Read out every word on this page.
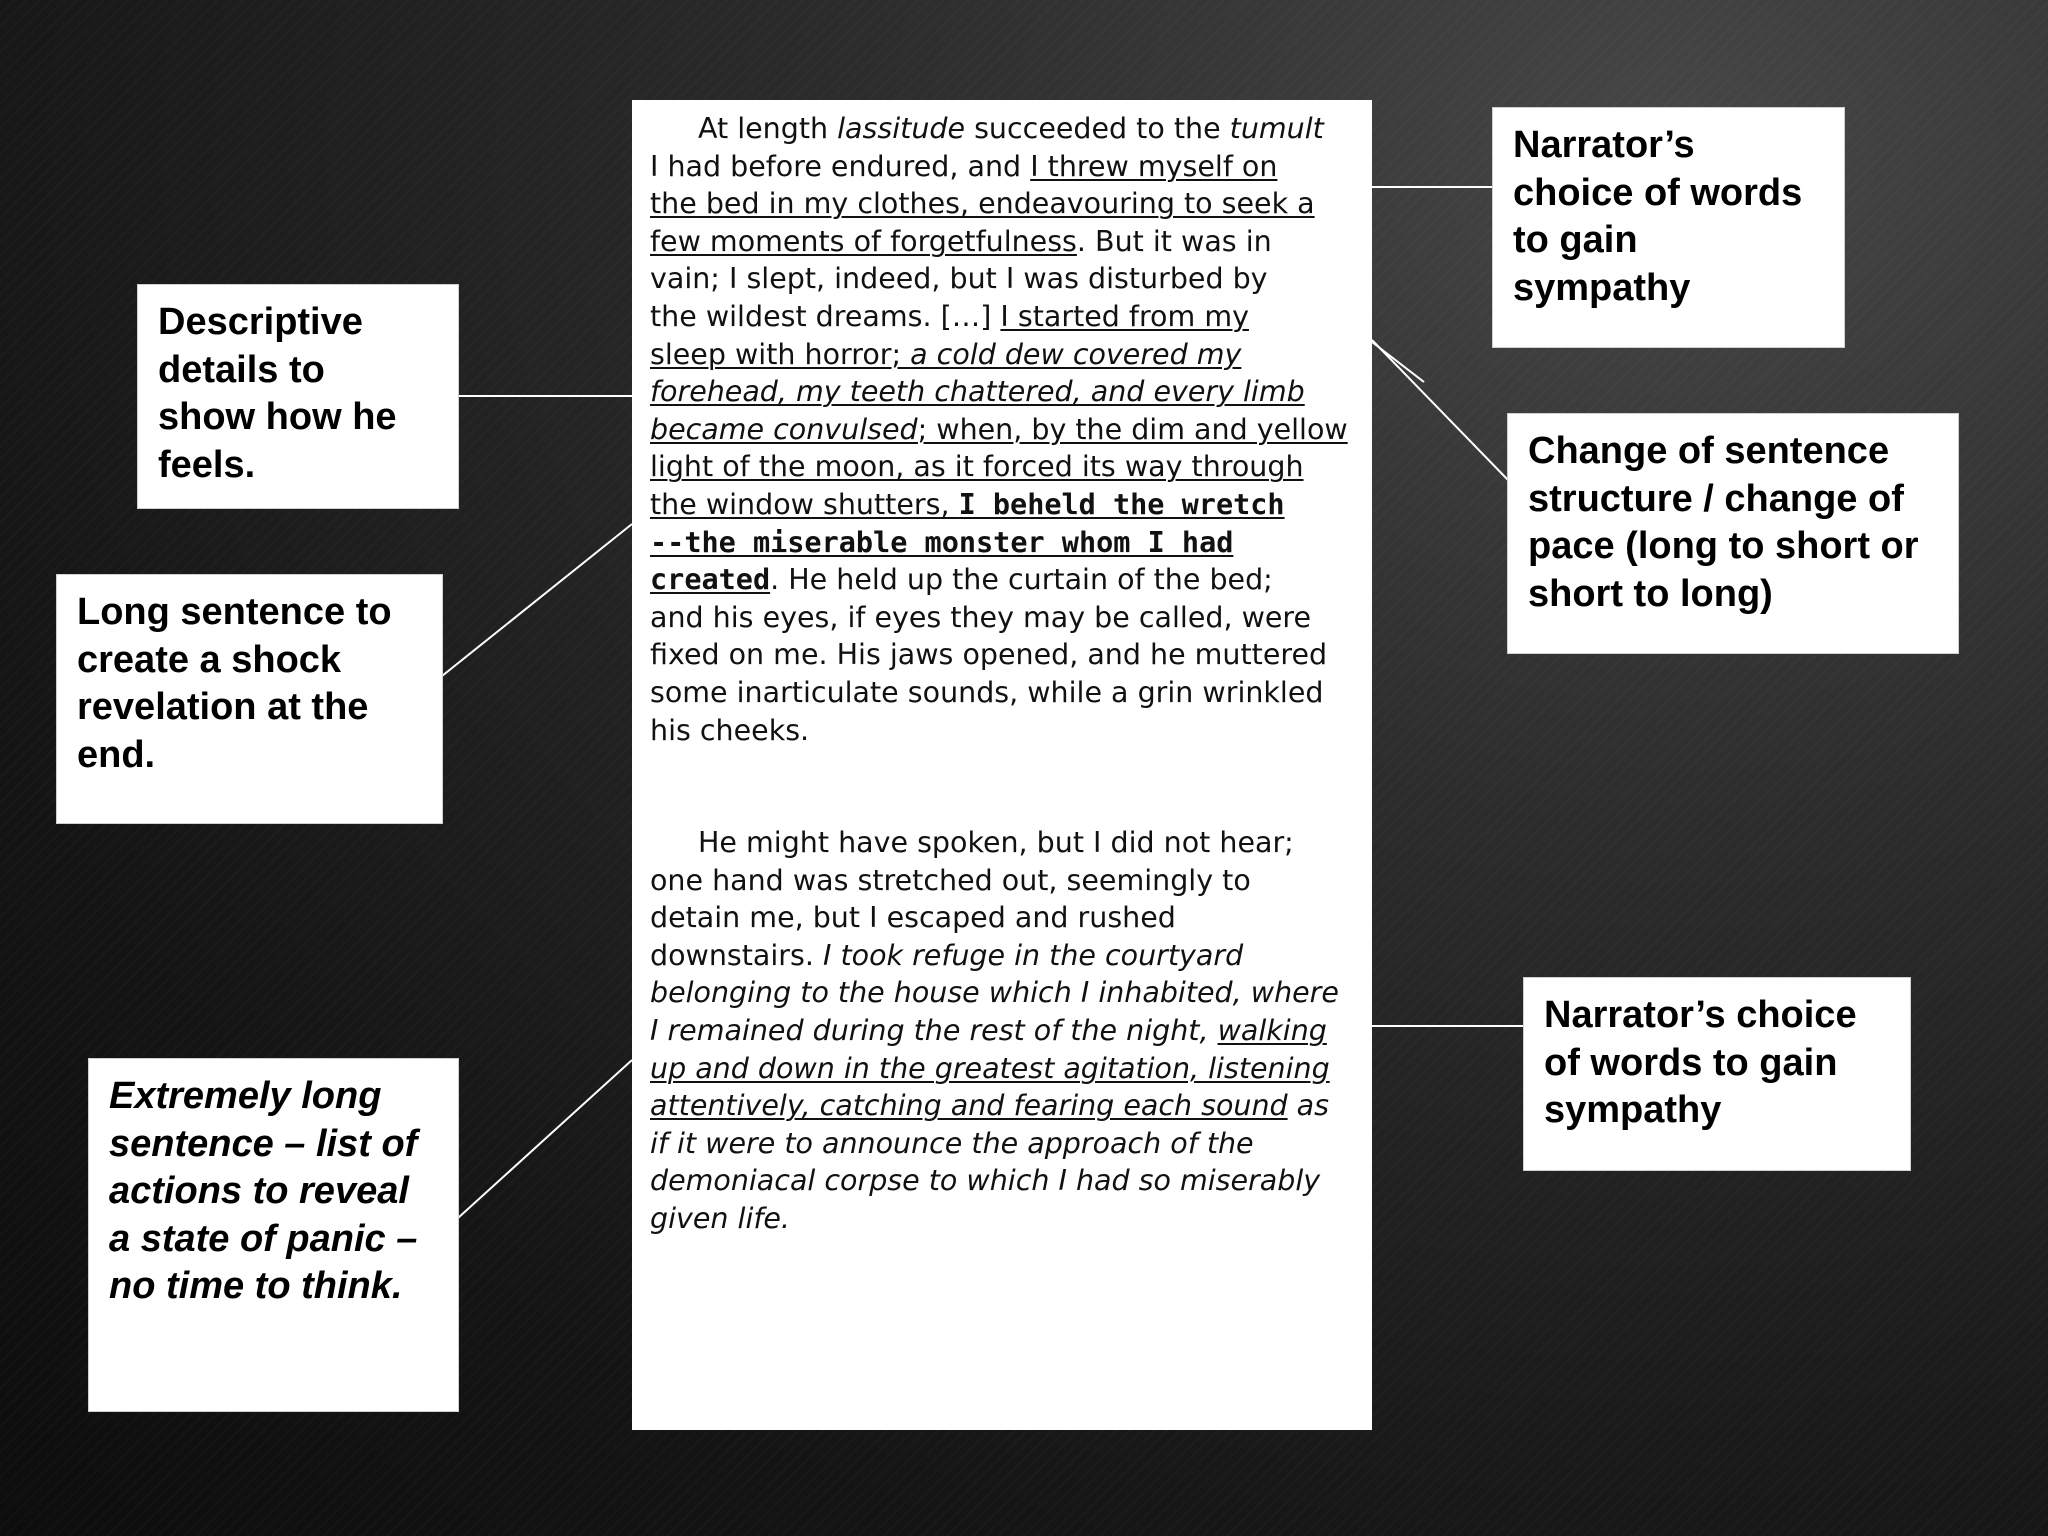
At length lassitude succeeded to the tumult
I had before endured, and I threw myself on
the bed in my clothes, endeavouring to seek a
few moments of forgetfulness. But it was in
vain; I slept, indeed, but I was disturbed by
the wildest dreams. […] I started from my
sleep with horror; a cold dew covered my
forehead, my teeth chattered, and every limb
became convulsed; when, by the dim and yellow
light of the moon, as it forced its way through
the window shutters, I beheld the wretch
--the miserable monster whom I had
created. He held up the curtain of the bed;
and his eyes, if eyes they may be called, were
fixed on me. His jaws opened, and he muttered
some inarticulate sounds, while a grin wrinkled
his cheeks.

He might have spoken, but I did not hear;
one hand was stretched out, seemingly to
detain me, but I escaped and rushed
downstairs. I took refuge in the courtyard
belonging to the house which I inhabited, where
I remained during the rest of the night, walking
up and down in the greatest agitation, listening
attentively, catching and fearing each sound as
if it were to announce the approach of the
demoniacal corpse to which I had so miserably
given life.

Descriptive
details to
show how he
feels.
Long sentence to
create a shock
revelation at the
end.
Extremely long
sentence – list of
actions to reveal
a state of panic –
no time to think.
Narrator’s
choice of words
to gain
sympathy
Change of sentence
structure / change of
pace (long to short or
short to long)
Narrator’s choice
of words to gain
sympathy
